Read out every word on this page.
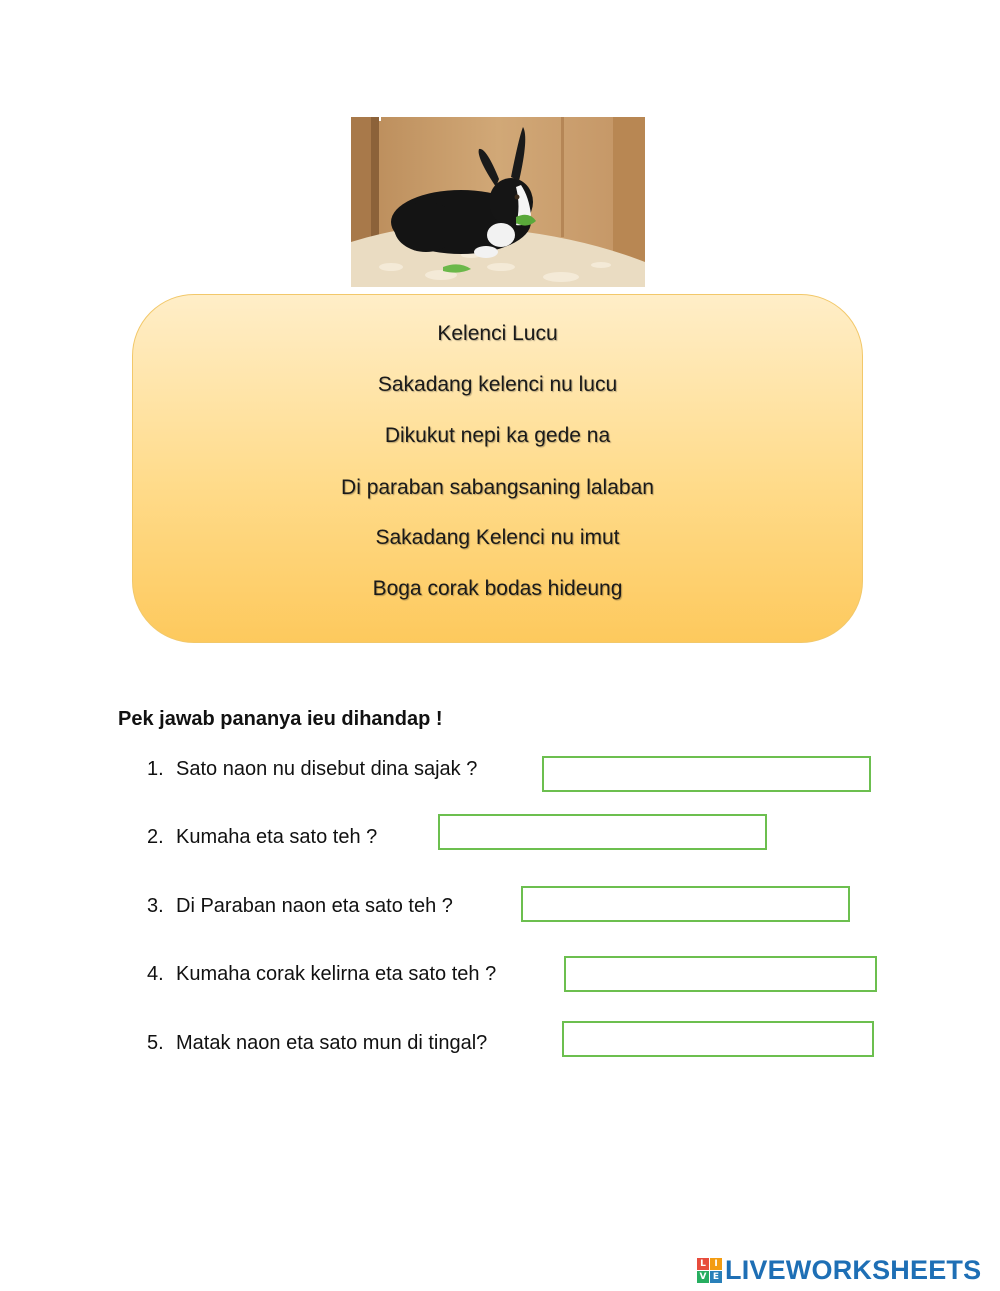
Kelenci Lucu
Sakadang kelenci nu lucu
Dikukut nepi ka gede na
Di paraban sabangsaning lalaban
Sakadang Kelenci nu imut
Boga corak bodas hideung
Pek jawab pananya ieu dihandap !
1. Sato naon nu disebut dina sajak ?
2. Kumaha eta sato teh ?
3. Di Paraban naon eta sato teh ?
4. Kumaha corak kelirna eta sato teh ?
5. Matak naon eta sato mun di tingal?
L I
V E LIVEWORKSHEETS
